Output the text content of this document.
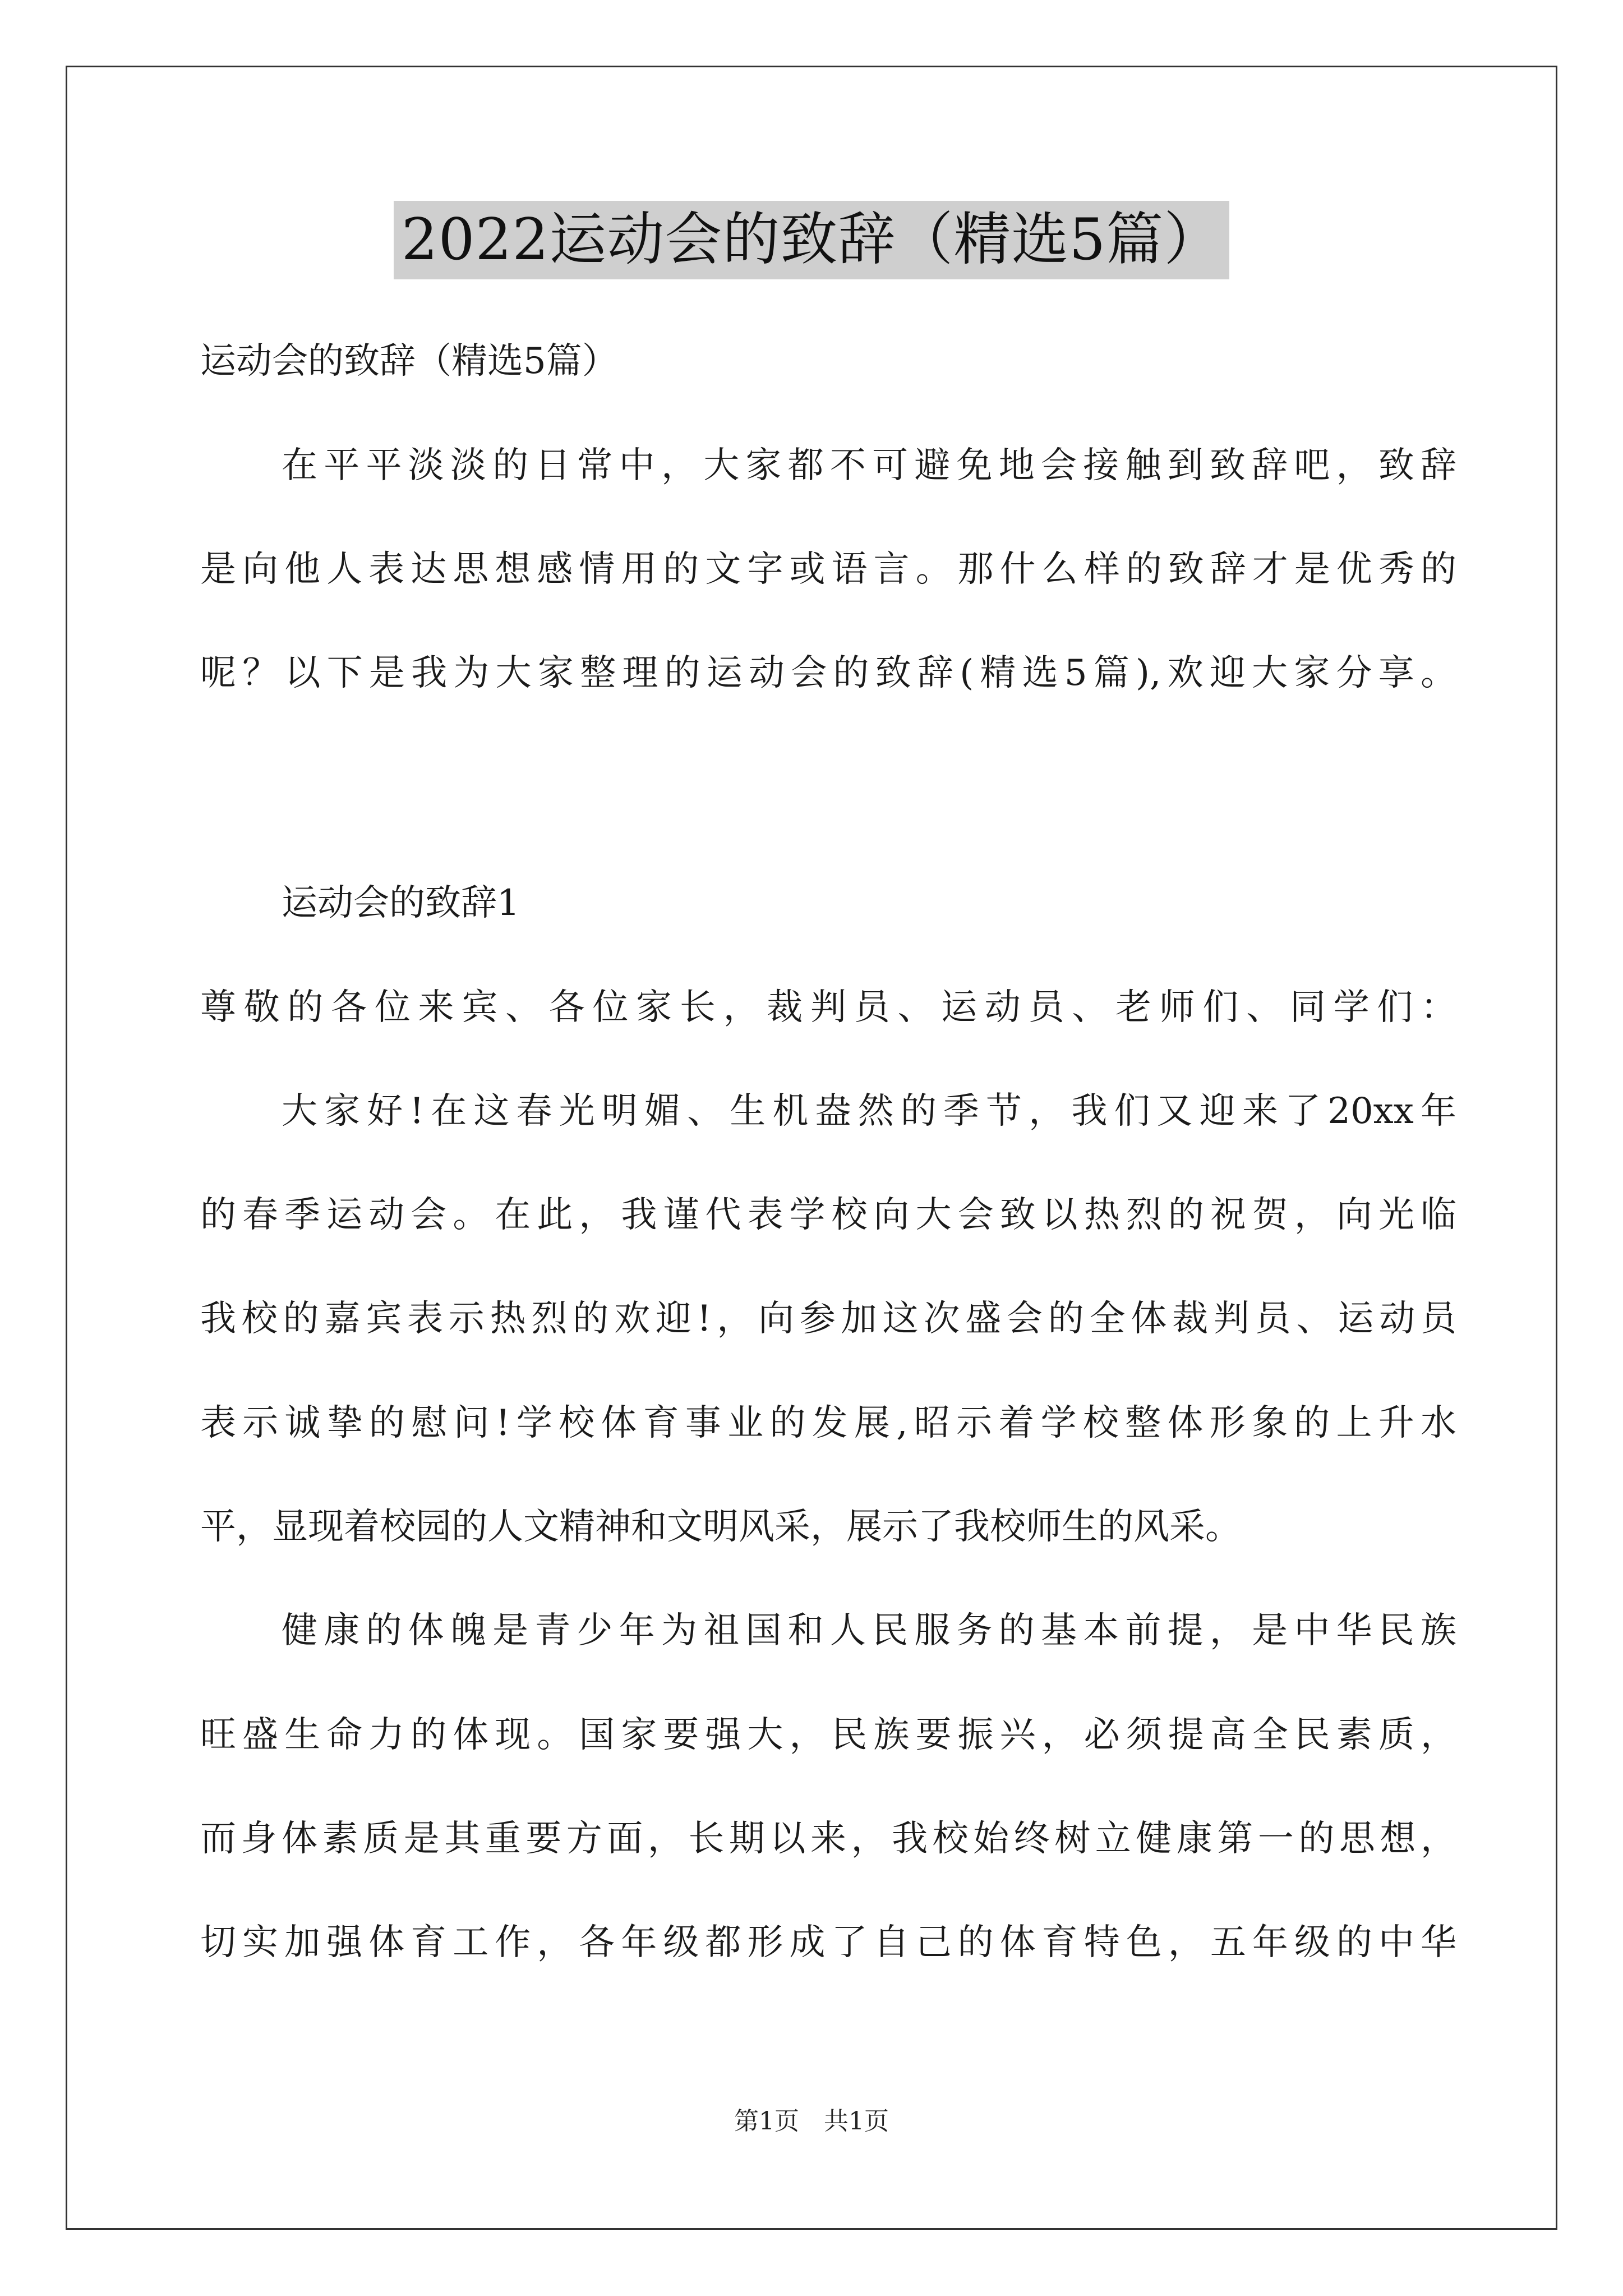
2022运动会的致辞（精选5篇）
运动会的致辞（精选5篇）
在平平淡淡的日常中，大家都不可避免地会接触到致辞吧，致辞
是向他人表达思想感情用的文字或语言。那什么样的致辞才是优秀的
呢？以下是我为大家整理的运动会的致辞(精选5篇),欢迎大家分享。
运动会的致辞1
尊敬的各位来宾、各位家长，裁判员、运动员、老师们、同学们：
大家好!在这春光明媚、生机盎然的季节，我们又迎来了20xx年
的春季运动会。在此，我谨代表学校向大会致以热烈的祝贺，向光临
我校的嘉宾表示热烈的欢迎!，向参加这次盛会的全体裁判员、运动员
表示诚挚的慰问!学校体育事业的发展,昭示着学校整体形象的上升水
平，显现着校园的人文精神和文明风采，展示了我校师生的风采。
健康的体魄是青少年为祖国和人民服务的基本前提，是中华民族
旺盛生命力的体现。国家要强大，民族要振兴，必须提高全民素质，
而身体素质是其重要方面，长期以来，我校始终树立健康第一的思想，
切实加强体育工作，各年级都形成了自己的体育特色，五年级的中华
第1页 共1页
